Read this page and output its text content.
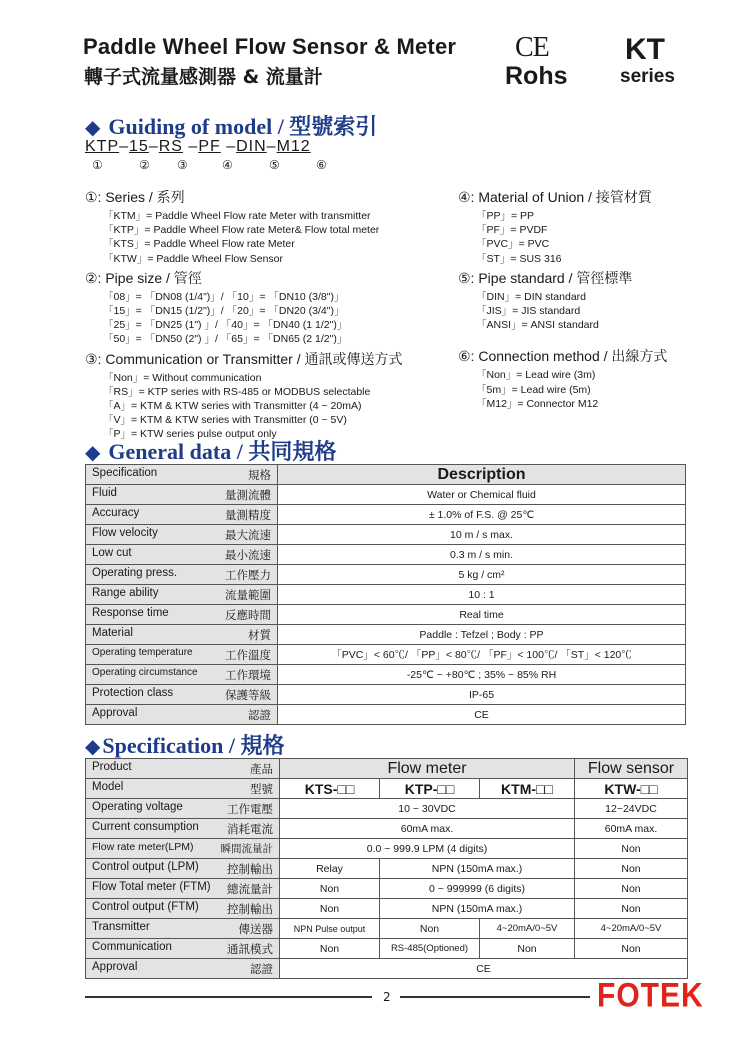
Paddle Wheel Flow Sensor & Meter
轉子式流量感測器 & 流量計
CE
Rohs
KT
series
◆ Guiding of model / 型號索引
KTP–15–RS –PF –DIN–M12
①	② ③	④	⑤	⑥
①: Series / 系列
「KTM」= Paddle Wheel Flow rate Meter with transmitter
「KTP」= Paddle Wheel Flow rate Meter& Flow total meter
「KTS」= Paddle Wheel Flow rate Meter
「KTW」= Paddle Wheel Flow Sensor
②: Pipe size / 管徑
「08」= 「DN08 (1/4")」/ 「10」= 「DN10 (3/8")」
「15」= 「DN15 (1/2")」/ 「20」= 「DN20 (3/4")」
「25」= 「DN25 (1") 」/ 「40」= 「DN40 (1 1/2")」
「50」= 「DN50 (2") 」/ 「65」= 「DN65 (2 1/2")」
③: Communication or Transmitter / 通訊或傳送方式
「Non」= Without communication
「RS」= KTP series with RS-485 or MODBUS selectable
「A」= KTM & KTW series with Transmitter (4 ~ 20mA)
「V」= KTM & KTW series with Transmitter (0 ~ 5V)
「P」= KTW series pulse output only
④: Material of Union / 接管材質
「PP」= PP
「PF」= PVDF
「PVC」= PVC
「ST」= SUS 316
⑤: Pipe standard / 管徑標準
「DIN」= DIN standard
「JIS」= JIS standard
「ANSI」= ANSI standard
⑥: Connection method / 出線方式
「Non」= Lead wire (3m)
「5m」= Lead wire (5m)
「M12」= Connector M12
◆ General data / 共同規格
Specification 規格	Description

Fluid 量測流體	Water or Chemical fluid

Accuracy 量測精度	± 1.0% of F.S. @ 25℃

Flow velocity 最大流速	10 m / s max.

Low cut 最小流速	0.3 m / s min.

Operating press. 工作壓力	5 kg / cm²

Range ability 流量範圍	10 : 1

Response time 反應時間	Real time

Material 材質	Paddle : Tefzel ; Body : PP

Operating temperature 工作溫度	「PVC」< 60℃/ 「PP」< 80℃/ 「PF」< 100℃/ 「ST」< 120℃

Operating circumstance 工作環境	-25℃ ~ +80℃ ; 35% ~ 85% RH

Protection class 保護等級	IP-65

Approval 認證	CE
◆Specification / 規格
Product 產品	Flow meter			Flow sensor

Model 型號	KTS-□□	KTP-□□	KTM-□□	KTW-□□

Operating voltage 工作電壓	10 ~ 30VDC			12~24VDC

Current consumption 消耗電流	60mA max.			60mA max.

Flow rate meter(LPM) 瞬間流量計	0.0 ~ 999.9 LPM (4 digits)			Non

Control output (LPM) 控制輸出	Relay	NPN (150mA max.)		Non

Flow Total meter (FTM) 總流量計	Non	0 ~ 999999 (6 digits)		Non

Control output (FTM) 控制輸出	Non	NPN (150mA max.)		Non

Transmitter 傳送器	NPN Pulse output	Non	4~20mA/0~5V	4~20mA/0~5V

Communication 通訊模式	Non	RS-485(Optioned)	Non	Non

Approval 認證	CE			
2	FOTEK
